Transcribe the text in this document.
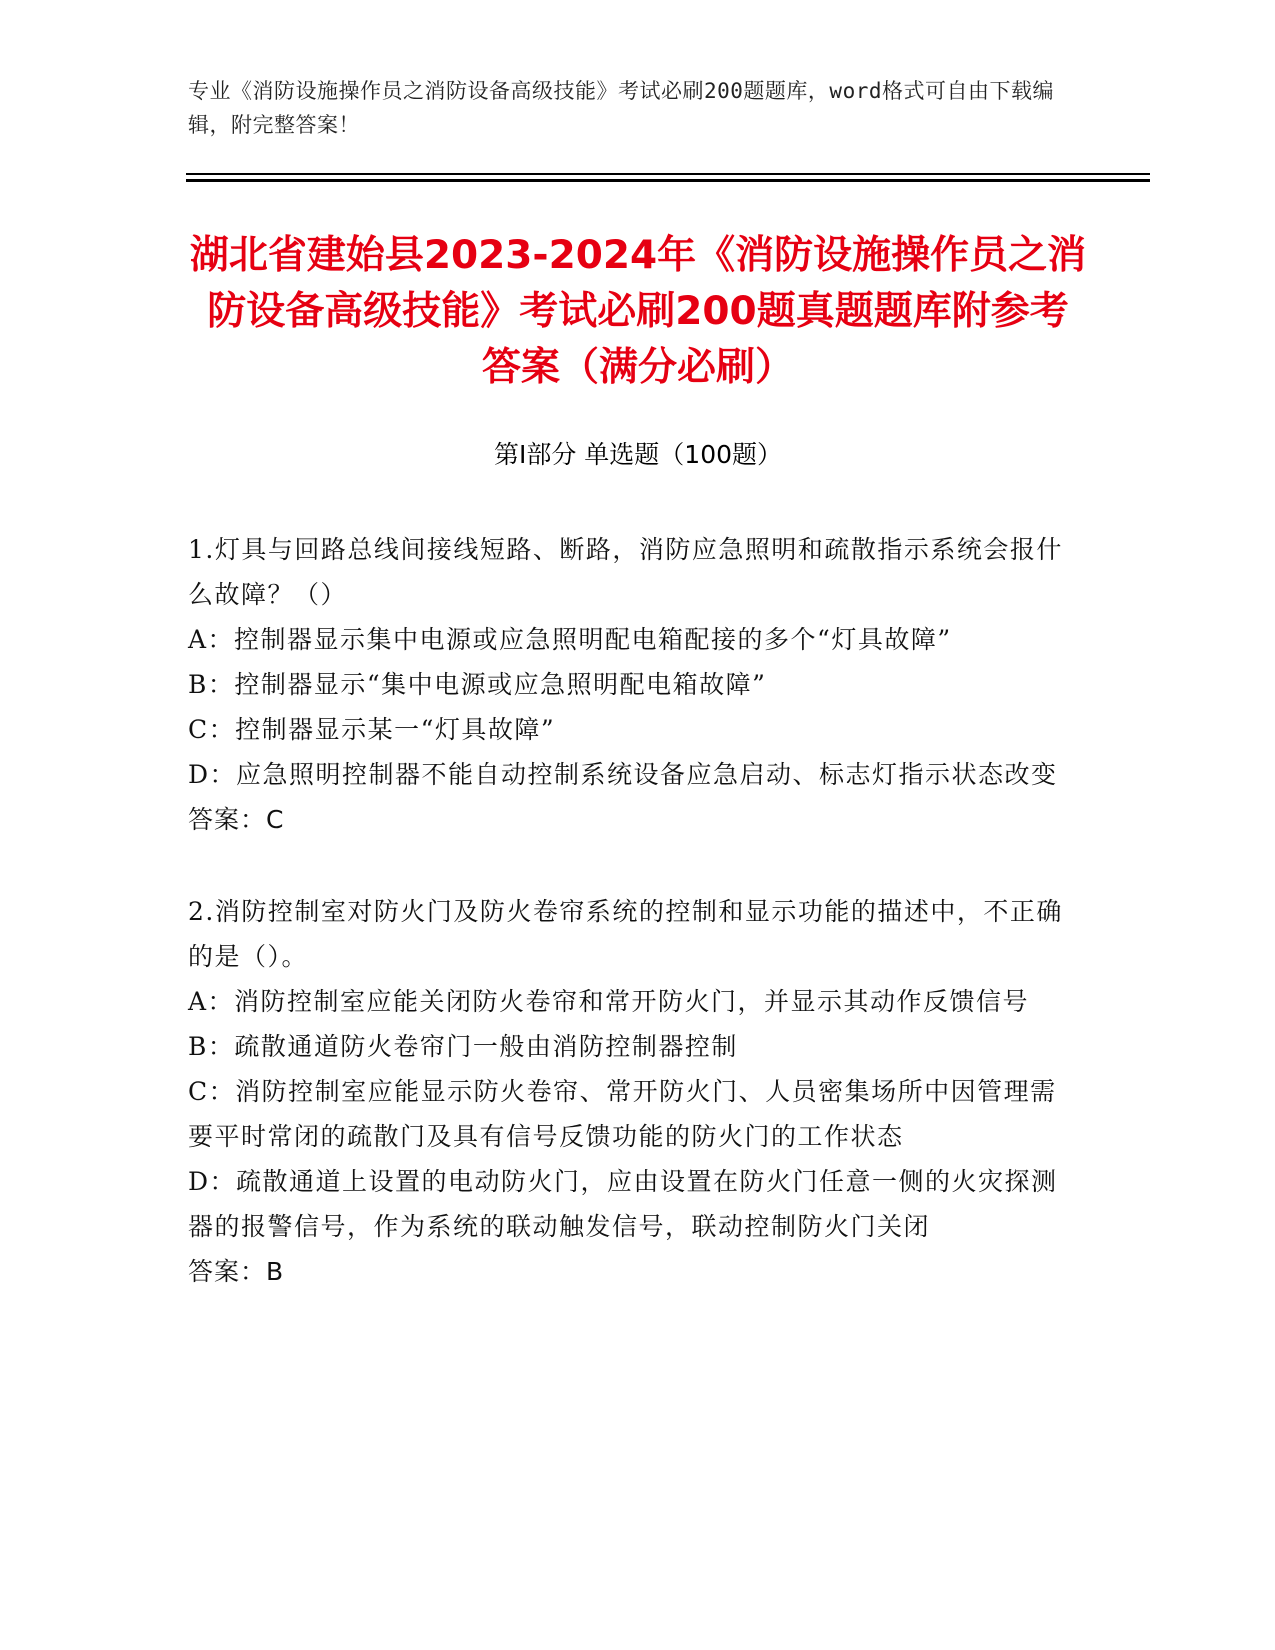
专业《消防设施操作员之消防设备高级技能》考试必刷200题题库，word格式可自由下载编辑，附完整答案！
湖北省建始县2023-2024年《消防设施操作员之消防设备高级技能》考试必刷200题真题题库附参考答案（满分必刷）
第Ⅰ部分 单选题（100题）

1.灯具与回路总线间接线短路、断路，消防应急照明和疏散指示系统会报什么故障？（）

A：控制器显示集中电源或应急照明配电箱配接的多个“灯具故障”

B：控制器显示“集中电源或应急照明配电箱故障”

C：控制器显示某一“灯具故障”

D：应急照明控制器不能自动控制系统设备应急启动、标志灯指示状态改变

答案：C

2.消防控制室对防火门及防火卷帘系统的控制和显示功能的描述中，不正确的是（）。

A：消防控制室应能关闭防火卷帘和常开防火门，并显示其动作反馈信号

B：疏散通道防火卷帘门一般由消防控制器控制

C：消防控制室应能显示防火卷帘、常开防火门、人员密集场所中因管理需要平时常闭的疏散门及具有信号反馈功能的防火门的工作状态

D：疏散通道上设置的电动防火门，应由设置在防火门任意一侧的火灾探测器的报警信号，作为系统的联动触发信号，联动控制防火门关闭

答案：B
